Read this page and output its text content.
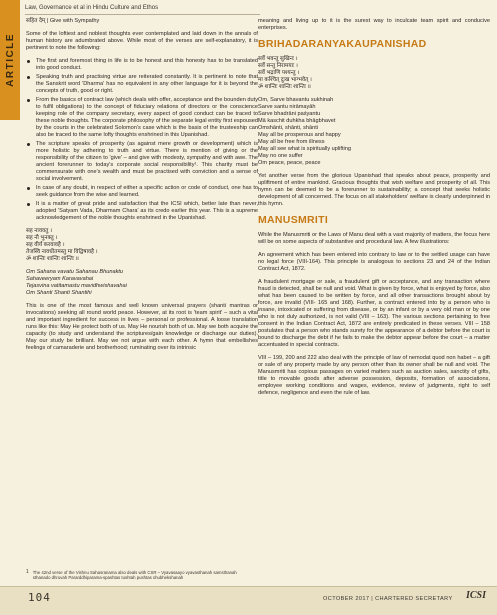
ARTICLE
Law, Governance et al in Hindu Culture and Ethos

सहित देम् | Give with Sympathy

Some of the loftiest and noblest thoughts ever contemplated and laid down in the annals of human history are adumbrated above. While most of the verses are self-explanatory, it is pertinent to note the following:

The first and foremost thing in life is to be honest and this honesty has to be translated into good conduct.
Speaking truth and practising virtue are reiterated constantly. It is pertinent to note that the Sanskrit word 'Dharma' has no equivalent in any other language for it is beyond the concepts of truth, good or right.
From the basics of contract law (which deals with offer, acceptance and the bounden duty to fulfil obligations) to the concept of fiduciary relations of directors or the conscience keeping role of the company secretary, every aspect of good conduct can be traced to these noble thoughts. The corporate philosophy of the separate legal entity first espoused by the courts in the celebrated Solomon's case which is the basis of the trusteeship can also be traced to the same lofty thoughts enshrined in this Upanishad.
The scripture speaks of prosperity (as against mere growth or development) which is more holistic by adhering to truth and virtue. There is mention of giving or the responsibility of the citizen to 'give' – and give with modesty, sympathy and with awe. The ancient forerunner to today's corporate social responsibility¹. This charity must be commensurate with one's wealth and must be practised with conviction and a sense of social involvement.
In case of any doubt, in respect of either a specific action or code of conduct, one has to seek guidance from the wise and learned.
It is a matter of great pride and satisfaction that the ICSI which, better late than never, adopted 'Satyam Vada, Dharmam Chara' as its credo earlier this year. This is a supreme acknowledgement of the noble thoughts enshrined in the Upanishad.
सह नाववतु ।
सह नौ भुनक्तु ।
सह वीर्यं करवावहै ।
तेजस्वि नावधीतमस्तु मा विद्विषावहै ।
ॐ शान्तिः शान्तिः शान्तिः ॥
Om Sahana vavatu Sahanau Bhunaktu
Sahaveeryam Karavavahai
Tejasvina vatitamastu mavidhwishavahai
Om Shanti Shanti Shantihi

This is one of the most famous and well known universal prayers (shanti mantras or invocations) seeking all round world peace. However, at its root is 'team spirit' – such a vital and important ingredient for success in lives – personal or professional. A loose translation runs like this: May He protect both of us. May He nourish both of us. May we both acquire the capacity (to study and understand the scriptures/gain knowledge or discharge our duties). May our study be brilliant. May we not argue with each other. A hymn that embellishes feelings of camaraderie and brotherhood; ruminating over its intrinsic

meaning and living up to it is the surest way to inculcate team spirit and conducive enterprises.

BRIHADARANYAKAUPANISHAD
सर्वे भवन्तु सुखिनः ।
सर्वे सन्तु निरामयाः ।
सर्वे भद्राणि पश्यन्तु ।
मा कश्चित् दुःख भाग्भवेत् ।
ॐ शान्तिः शान्तिः शान्तिः ॥
Om, Sarve bhavantu sukhinah
Sarve santu nirāmayāh
Sarve bhadrāni paśyantu
Mā kaschit duhkha bhāgbhavet
Omshānti, shānti, shānti
May all be prosperous and happy
May all be free from illness
May all see what is spiritually uplifting
May no one suffer
Om peace, peace, peace

Yet another verse from the glorious Upanishad that speaks about peace, prosperity and upliftment of entire mankind. Gracious thoughts that wish welfare and prosperity of all. This hymn can be deemed to be a forerunner to sustainability; a concept that seeks holistic development of all concerned. The focus on all stakeholders' welfare is clearly underpinned in this hymn.

MANUSMRITI

While the Manusmriti or the Laws of Manu deal with a vast majority of matters, the focus here will be on some aspects of substantive and procedural law. A few illustrations:

An agreement which has been entered into contrary to law or to the settled usage can have no legal force (VIII-164). This principle is analogous to sections 23 and 24 of the Indian Contract Act, 1872.

A fraudulent mortgage or sale, a fraudulent gift or acceptance, and any transaction where fraud is detected, shall be null and void. What is given by force, what is enjoyed by force, also what has been caused to be written by force, and all other transactions brought about by force, are invalid (VIII- 165 and 168). Further, a contract entered into by a person who is insane, intoxicated or suffering from disease, or by an infant or by a very old man or by one who is not duly authorized, is not valid (VIII – 163). The various sections pertaining to free consent in the Indian Contract Act, 1872 are entirely predicated in these verses. VIII – 158 postulates that a person who stands surety for the appearance of a debtor before the court is bound to discharge the debt if he fails to make the debtor appear before the court – a matter accentuated in special contracts.

VIII – 199, 200 and 222 also deal with the principle of law of nemodat quod non habet – a gift or sale of any property made by any person other than its owner shall be null and void. The Manusmriti has copious passages on varied matters such as auction sales, sanctity of gifts, title to movable goods after adverse possession, deposits, formation of associations, employee working conditions and wages, evidence, review of judgments, right to self defence, negligence and even the rule of law.

1 The 42nd verse of the Vishnu Sahasranama also deals with CSR – Vyavasaayo vyavasthanah samsthanah sthanado dhruvah Pararddhiparama-spashtas tushtah pushtas shubhekshanah
104	OCTOBER 2017 | CHARTERED SECRETARY ICSI
